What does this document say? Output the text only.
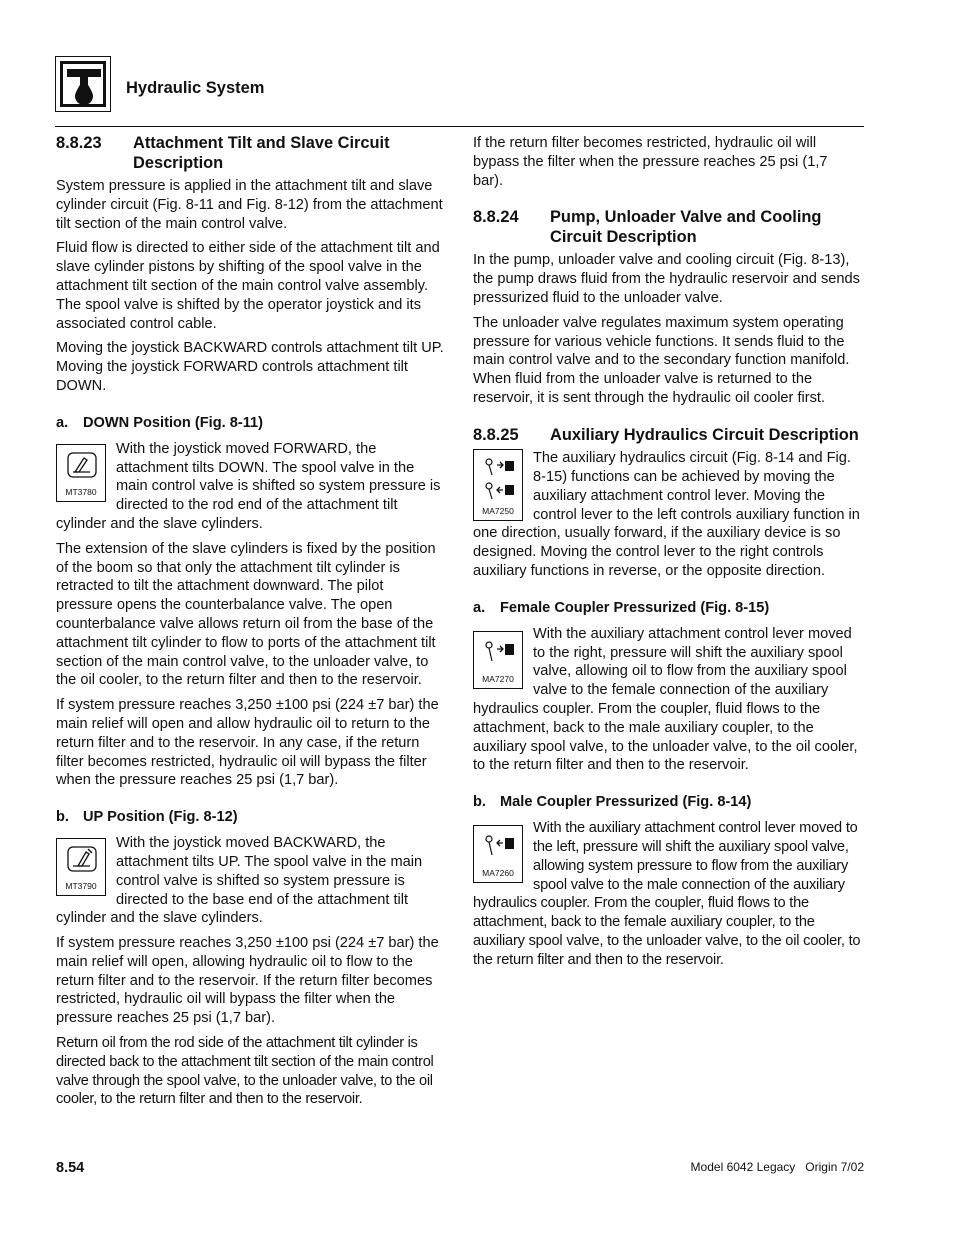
Hydraulic System
8.8.23	Attachment Tilt and Slave Circuit Description

System pressure is applied in the attachment tilt and slave cylinder circuit (Fig. 8-11 and Fig. 8-12) from the attachment tilt section of the main control valve.

Fluid flow is directed to either side of the attachment tilt and slave cylinder pistons by shifting of the spool valve in the attachment tilt section of the main control valve assembly. The spool valve is shifted by the operator joystick and its associated control cable.

Moving the joystick BACKWARD controls attachment tilt UP. Moving the joystick FORWARD controls attachment tilt DOWN.

a. DOWN Position (Fig. 8-11)
MT3780

With the joystick moved FORWARD, the attachment tilts DOWN. The spool valve in the main control valve is shifted so system pressure is directed to the rod end of the attachment tilt cylinder and the slave cylinders.

The extension of the slave cylinders is fixed by the position of the boom so that only the attachment tilt cylinder is retracted to tilt the attachment downward. The pilot pressure opens the counterbalance valve. The open counterbalance valve allows return oil from the base of the attachment tilt cylinder to flow to ports of the attachment tilt section of the main control valve, to the unloader valve, to the oil cooler, to the return filter and then to the reservoir.

If system pressure reaches 3,250 ±100 psi (224 ±7 bar) the main relief will open and allow hydraulic oil to return to the return filter and to the reservoir. In any case, if the return filter becomes restricted, hydraulic oil will bypass the filter when the pressure reaches 25 psi (1,7 bar).

b. UP Position (Fig. 8-12)
MT3790

With the joystick moved BACKWARD, the attachment tilts UP. The spool valve in the main control valve is shifted so system pressure is directed to the base end of the attachment tilt cylinder and the slave cylinders.

If system pressure reaches 3,250 ±100 psi (224 ±7 bar) the main relief will open, allowing hydraulic oil to flow to the return filter and to the reservoir. If the return filter becomes restricted, hydraulic oil will bypass the filter when the pressure reaches 25 psi (1,7 bar).

Return oil from the rod side of the attachment tilt cylinder is directed back to the attachment tilt section of the main control valve through the spool valve, to the unloader valve, to the oil cooler, to the return filter and then to the reservoir.

If the return filter becomes restricted, hydraulic oil will bypass the filter when the pressure reaches 25 psi (1,7 bar).

8.8.24	Pump, Unloader Valve and Cooling Circuit Description

In the pump, unloader valve and cooling circuit (Fig. 8-13), the pump draws fluid from the hydraulic reservoir and sends pressurized fluid to the unloader valve.

The unloader valve regulates maximum system operating pressure for various vehicle functions. It sends fluid to the main control valve and to the secondary function manifold. When fluid from the unloader valve is returned to the reservoir, it is sent through the hydraulic oil cooler first.

8.8.25	Auxiliary Hydraulics Circuit Description
MA7250

The auxiliary hydraulics circuit (Fig. 8-14 and Fig. 8-15) functions can be achieved by moving the auxiliary attachment control lever. Moving the control lever to the left controls auxiliary function in one direction, usually forward, if the auxiliary device is so designed. Moving the control lever to the right controls auxiliary functions in reverse, or the opposite direction.

a. Female Coupler Pressurized (Fig. 8-15)
MA7270

With the auxiliary attachment control lever moved to the right, pressure will shift the auxiliary spool valve, allowing oil to flow from the auxiliary spool valve to the female connection of the auxiliary hydraulics coupler. From the coupler, fluid flows to the attachment, back to the male auxiliary coupler, to the auxiliary spool valve, to the unloader valve, to the oil cooler, to the return filter and then to the reservoir.

b. Male Coupler Pressurized (Fig. 8-14)
MA7260

With the auxiliary attachment control lever moved to the left, pressure will shift the auxiliary spool valve, allowing system pressure to flow from the auxiliary spool valve to the male connection of the auxiliary hydraulics coupler. From the coupler, fluid flows to the attachment, back to the female auxiliary coupler, to the auxiliary spool valve, to the unloader valve, to the oil cooler, to the return filter and then to the reservoir.

8.54	Model 6042 Legacy   Origin 7/02
